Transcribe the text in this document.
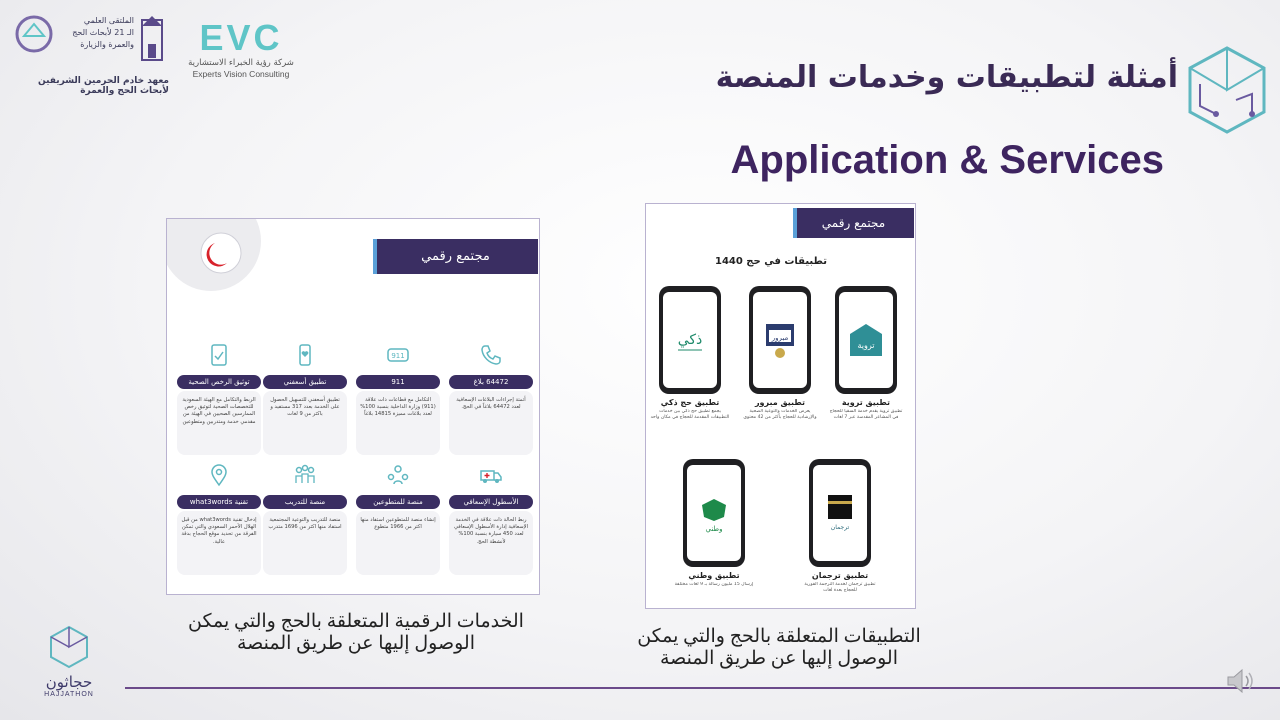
الملتقى العلمي
الـ 21 لأبحاث الحج
والعمرة والزيارة
معهد خادم الحرمين الشريفين لأبحاث الحج والعمرة
EVC
شركة رؤية الخبراء الاستشارية
Experts Vision Consulting	أمثلة لتطبيقات وخدمات المنصة
Application & Services
مجتمع رقمي
64472 بلاغ
أتمتة إجراءات البلاغات الإسعافية لعدد 64472 بلاغاً في الحج.
911
911
التكامل مع قطاعات ذات علاقة (911) وزارة الداخلية بنسبة 100% لعدد بلاغات مميزة 14815 بلاغاً
تطبيق أسعفني
تطبيق أسعفني للتسهيل الحصول على الخدمة بعدد 317 مستفيد و باكثر من 9 لغات
توثيق الرخص الصحية
الربط والتكامل مع الهيئة السعودية للتخصصات الصحية لتوثيق رخص الممارسين الصحيين في الهيئة من مقدمي خدمة ومتدربين ومتطوعين
الأسطول الإسعافي
ربط الحالة ذات علاقة في الخدمة الإسعافية إدارة الأسطول الإسعافي لعدد 450 سيارة بنسبة 100% لأنشطة الحج.
منصة للمتطوعين
إنشاء منصة للمتطوعين استفاد منها اكثر من 1966 متطوع
منصة للتدريب
منصة للتدريب والتوعية المجتمعية استفاد منها اكثر من 1696 متدرب
تقنية what3words
إدخال تقنية what3words من قبل الهلال الأحمر السعودي والتي تمكن الفرقة من تحديد موقع الحجاج بدقة عالية.
مجتمع رقمي
تطبيقات في حج 1440
تروية
تطبيق تروية
تطبيق تروية يقدم خدمة السقيا للحجاج في المشاعر المقدسة عبر 7 لغات
مبرور
تطبيق مبرور
يعرض الخدمات والتوعية الصحية والإرشادية للحجاج بأكثر من 42 محتوى
ذكي
تطبيق حج ذكي
يجمع تطبيق حج ذكي بين خدمات التطبيقات المقدمة للحجاج في مكان واحد
ترجمان
تطبيق ترجمان
تطبيق ترجمان لخدمة الترجمة الفورية للحجاج بعدة لغات
وطني
تطبيق وطني
إرسال 15 مليون رسالة بـ 9 لغات مختلفة
الخدمات الرقمية المتعلقة بالحج والتي يمكن الوصول إليها عن طريق المنصة	التطبيقات المتعلقة بالحج والتي يمكن الوصول إليها عن طريق المنصة
حجاثون
HAJJATHON
